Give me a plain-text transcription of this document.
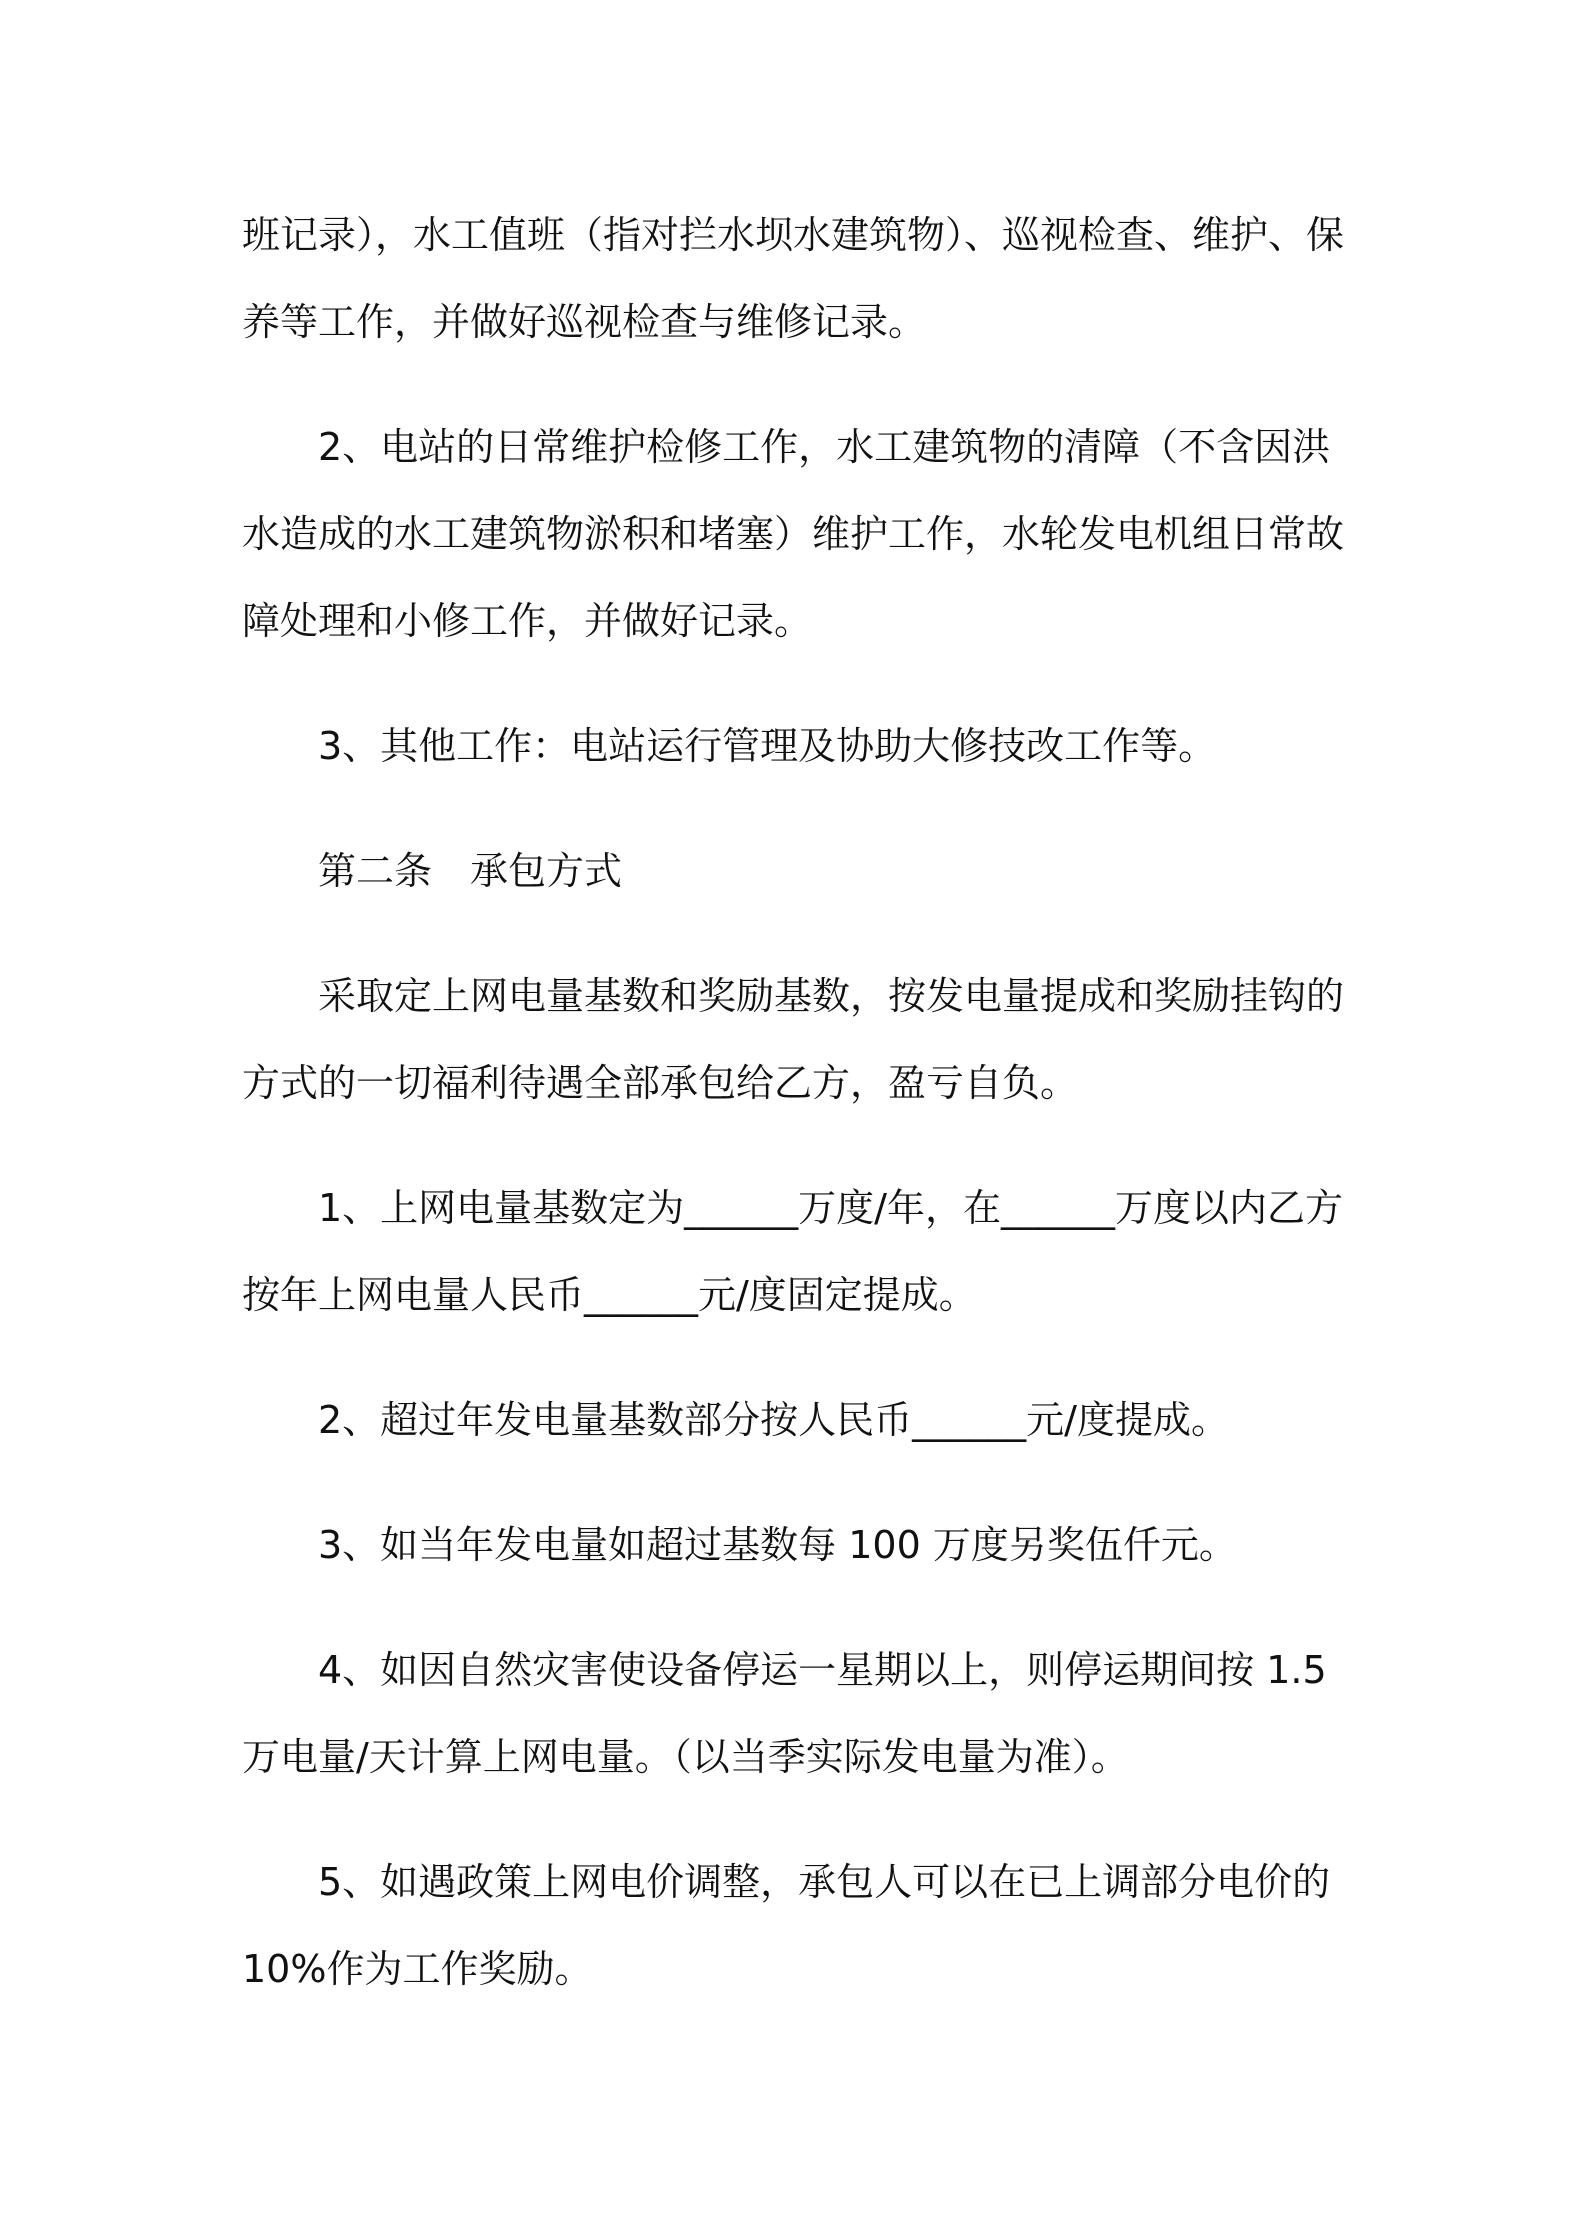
班记录），水工值班（指对拦水坝水建筑物）、巡视检查、维护、保养等工作，并做好巡视检查与维修记录。

2、电站的日常维护检修工作，水工建筑物的清障（不含因洪水造成的水工建筑物淤积和堵塞）维护工作，水轮发电机组日常故障处理和小修工作，并做好记录。

3、其他工作：电站运行管理及协助大修技改工作等。

第二条　承包方式

采取定上网电量基数和奖励基数，按发电量提成和奖励挂钩的方式的一切福利待遇全部承包给乙方，盈亏自负。

1、上网电量基数定为______万度/年，在______万度以内乙方按年上网电量人民币______元/度固定提成。

2、超过年发电量基数部分按人民币______元/度提成。

3、如当年发电量如超过基数每 100 万度另奖伍仟元。

4、如因自然灾害使设备停运一星期以上，则停运期间按 1.5 万电量/天计算上网电量。（以当季实际发电量为准）。

5、如遇政策上网电价调整，承包人可以在已上调部分电价的10%作为工作奖励。
